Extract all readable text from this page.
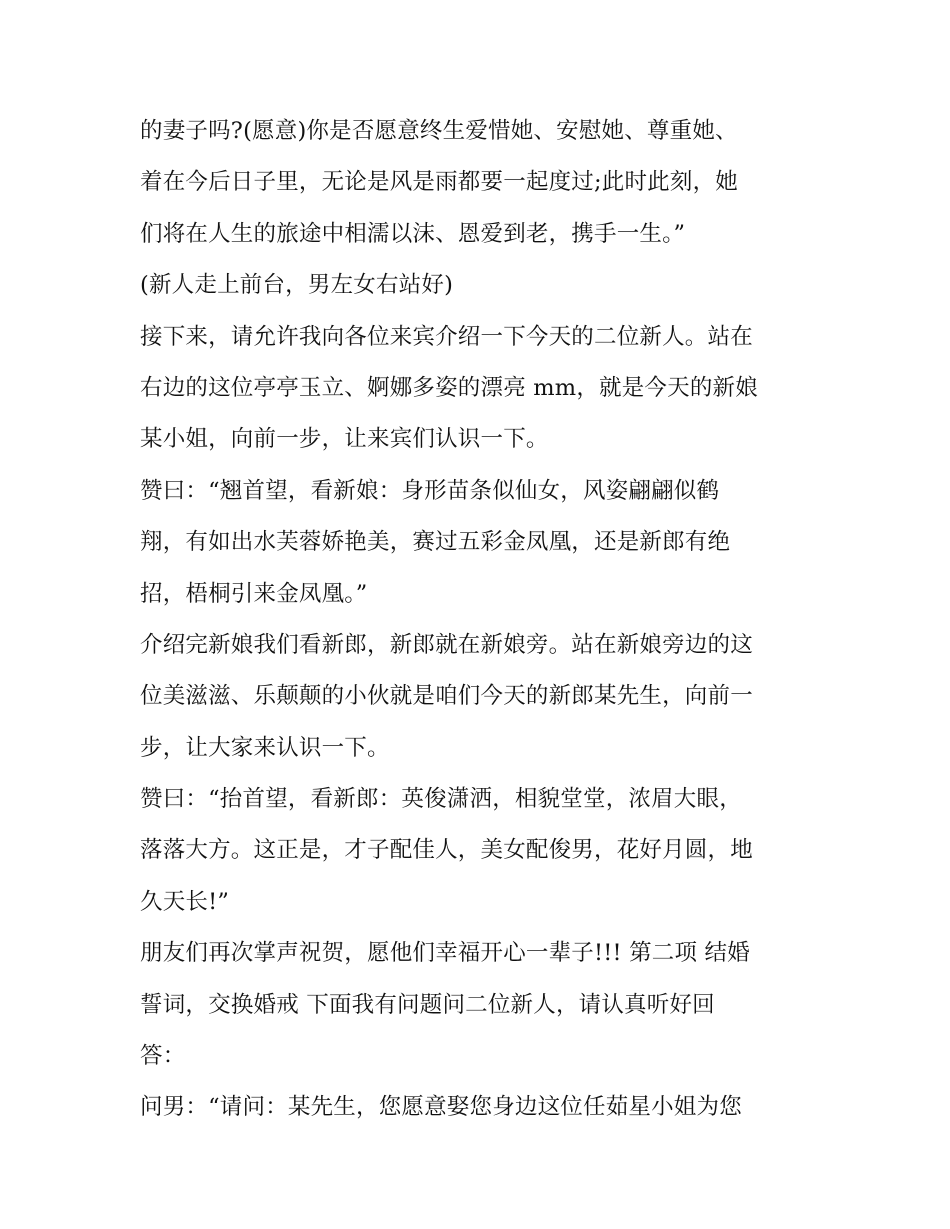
的妻子吗?(愿意)你是否愿意终生爱惜她、安慰她、尊重她、
着在今后日子里，无论是风是雨都要一起度过;此时此刻，她
们将在人生的旅途中相濡以沫、恩爱到老，携手一生。”
(新人走上前台，男左女右站好)
接下来，请允许我向各位来宾介绍一下今天的二位新人。站在
右边的这位亭亭玉立、婀娜多姿的漂亮 mm，就是今天的新娘
某小姐，向前一步，让来宾们认识一下。
赞曰：“翘首望，看新娘：身形苗条似仙女，风姿翩翩似鹤
翔，有如出水芙蓉娇艳美，赛过五彩金凤凰，还是新郎有绝
招，梧桐引来金凤凰。”
介绍完新娘我们看新郎，新郎就在新娘旁。站在新娘旁边的这
位美滋滋、乐颠颠的小伙就是咱们今天的新郎某先生，向前一
步，让大家来认识一下。
赞曰：“抬首望，看新郎：英俊潇洒，相貌堂堂，浓眉大眼，
落落大方。这正是，才子配佳人，美女配俊男，花好月圆，地
久天长!”
朋友们再次掌声祝贺，愿他们幸福开心一辈子!!! 第二项 结婚
誓词，交换婚戒 下面我有问题问二位新人，请认真听好回
答：
问男：“请问：某先生，您愿意娶您身边这位任茹星小姐为您
